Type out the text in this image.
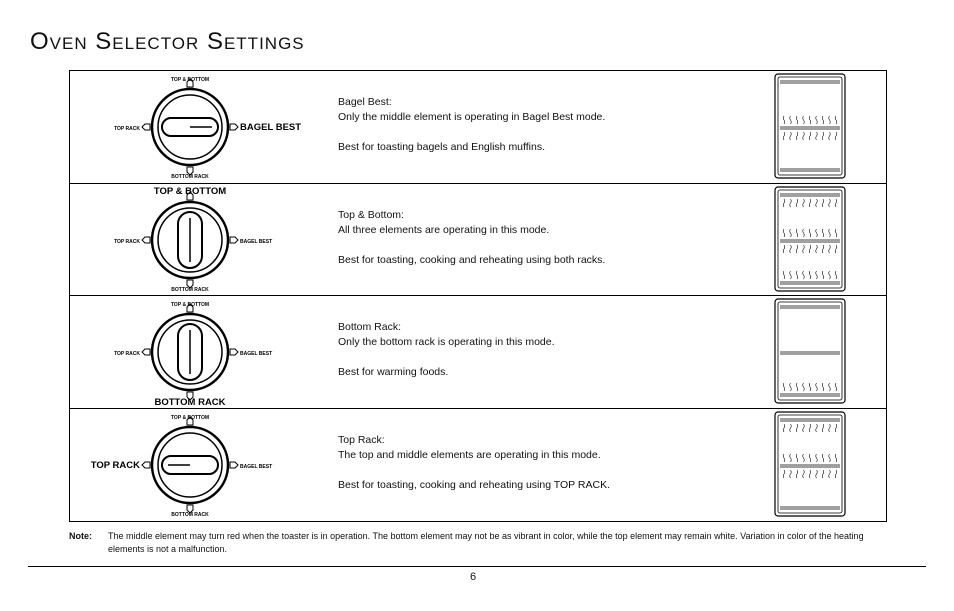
Oven Selector Settings
TOP & BOTTOM
BOTTOM RACK
TOP RACK	BAGEL BEST
Bagel Best:
Only the middle element is operating in Bagel Best mode.
Best for toasting bagels and English muffins.
TOP & BOTTOM
BOTTOM RACK
TOP RACK	BAGEL BEST
Top & Bottom:
All three elements are operating in this mode.
Best for toasting, cooking and reheating using both racks.
TOP & BOTTOM
BOTTOM RACK
TOP RACK	BAGEL BEST
Bottom Rack:
Only the bottom rack is operating in this mode.
Best for warming foods.
TOP & BOTTOM
BOTTOM RACK
TOP RACK	BAGEL BEST
Top Rack:
The top and middle elements are operating in this mode.
Best for toasting, cooking and reheating using TOP RACK.
Note: The middle element may turn red when the toaster is in operation. The bottom element may not be as vibrant in color, while the top element may remain white. Variation in color of the heating elements is not a malfunction.
6
